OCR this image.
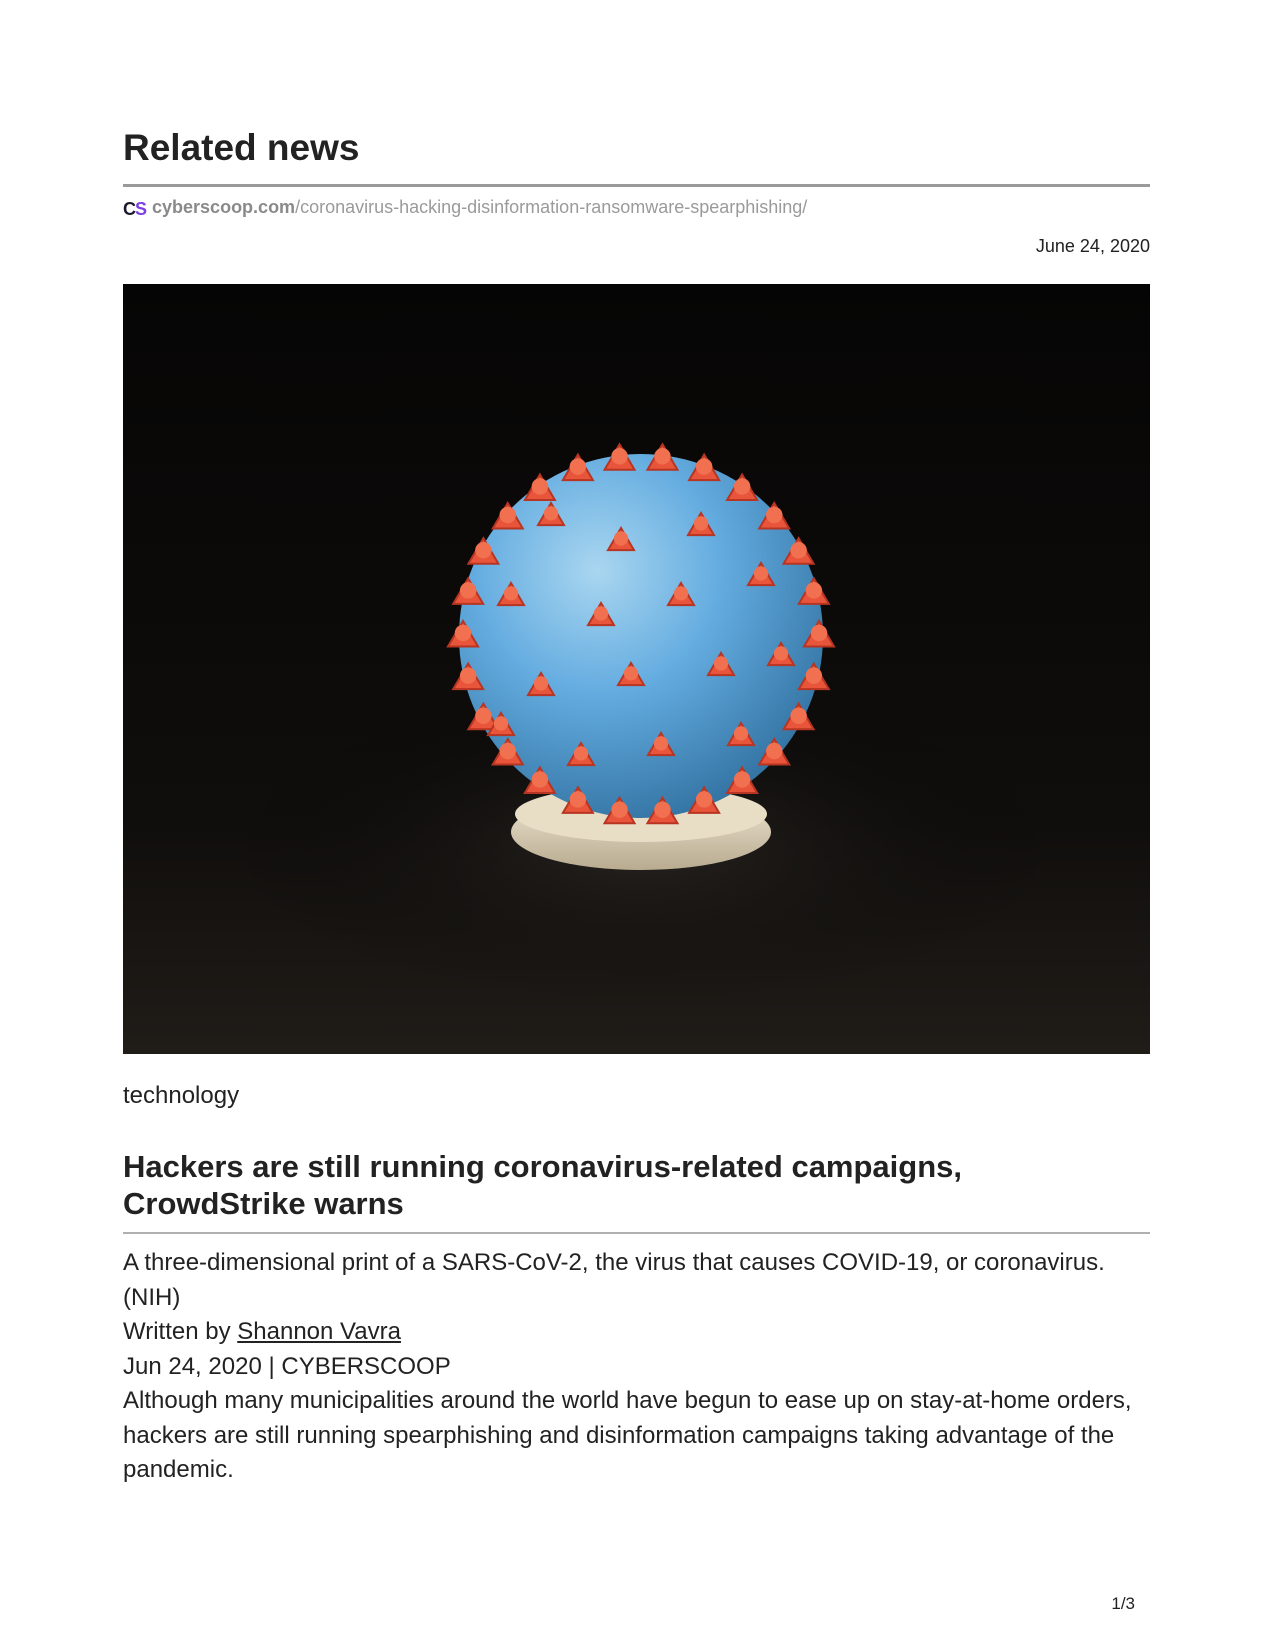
Related news
CS cyberscoop.com/coronavirus-hacking-disinformation-ransomware-spearphishing/
June 24, 2020
technology
Hackers are still running coronavirus-related campaigns, CrowdStrike warns

A three-dimensional print of a SARS-CoV-2, the virus that causes COVID-19, or coronavirus. (NIH)

Written by Shannon Vavra

Jun 24, 2020 | CYBERSCOOP

Although many municipalities around the world have begun to ease up on stay-at-home orders, hackers are still running spearphishing and disinformation campaigns taking advantage of the pandemic.

1/3
